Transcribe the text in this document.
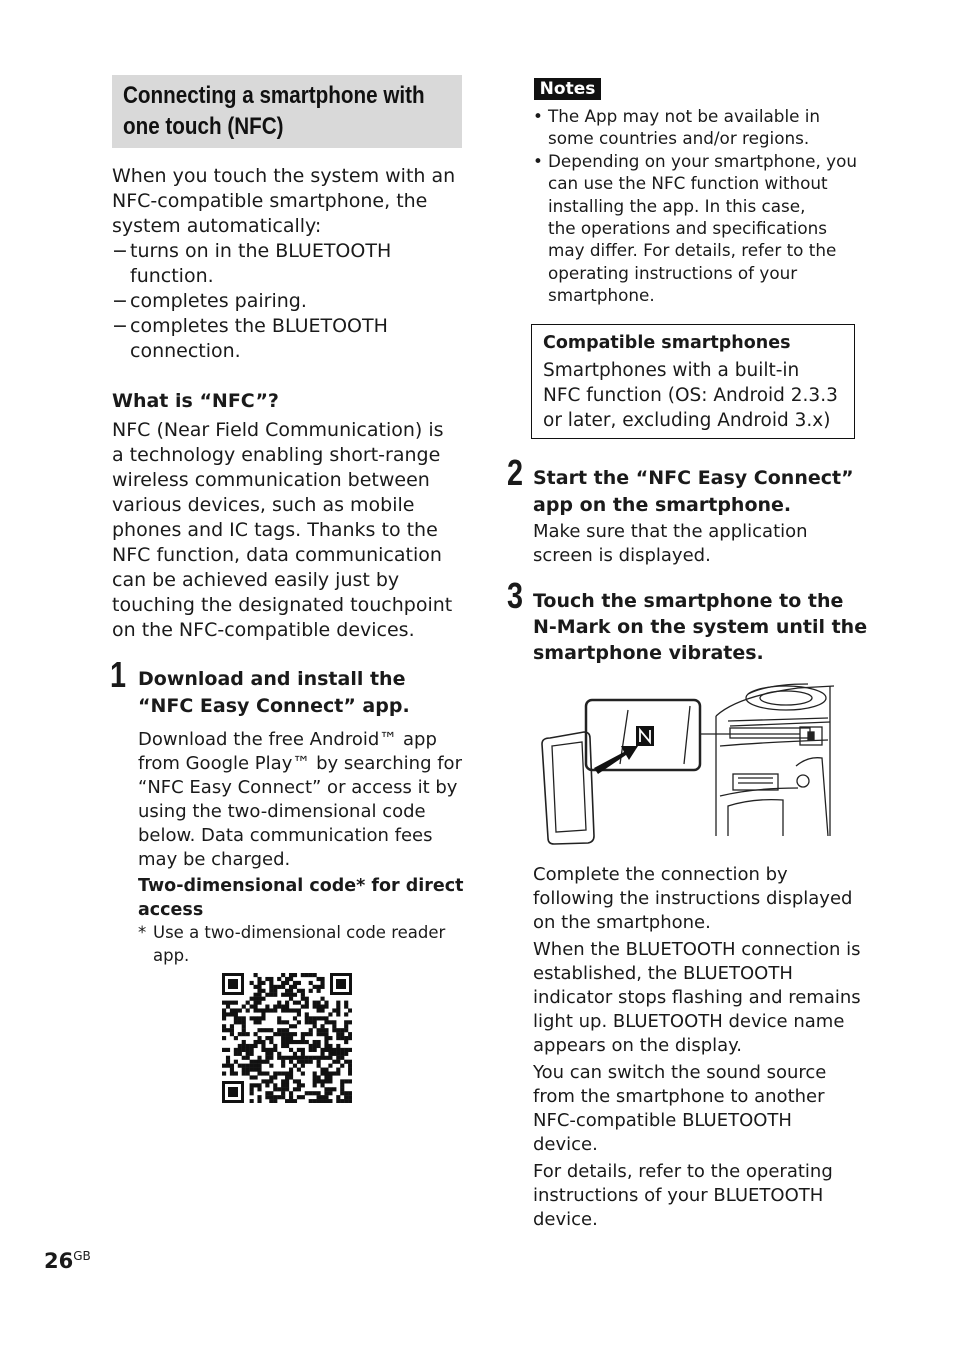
Connecting a smartphone with
one touch (NFC)
When you touch the system with an
NFC-compatible smartphone, the
system automatically:
− turns on in the BLUETOOTH
function.
− completes pairing.
− completes the BLUETOOTH
connection.
What is “NFC”?
NFC (Near Field Communication) is
a technology enabling short-range
wireless communication between
various devices, such as mobile
phones and IC tags. Thanks to the
NFC function, data communication
can be achieved easily just by
touching the designated touchpoint
on the NFC-compatible devices.
1 Download and install the
“NFC Easy Connect” app.
Download the free Android™ app
from Google Play™ by searching for
“NFC Easy Connect” or access it by
using the two-dimensional code
below. Data communication fees
may be charged.
Two-dimensional code* for direct
access
* Use a two-dimensional code reader
app.
Notes
• The App may not be available in
some countries and/or regions.
• Depending on your smartphone, you
can use the NFC function without
installing the app. In this case,
the operations and specifications
may differ. For details, refer to the
operating instructions of your
smartphone.
Compatible smartphones
Smartphones with a built-in
NFC function (OS: Android 2.3.3
or later, excluding Android 3.x)
2 Start the “NFC Easy Connect”
app on the smartphone.
Make sure that the application
screen is displayed.
3 Touch the smartphone to the
N-Mark on the system until the
smartphone vibrates.
Complete the connection by
following the instructions displayed
on the smartphone.
When the BLUETOOTH connection is
established, the BLUETOOTH
indicator stops flashing and remains
light up. BLUETOOTH device name
appears on the display.
You can switch the sound source
from the smartphone to another
NFC-compatible BLUETOOTH
device.
For details, refer to the operating
instructions of your BLUETOOTH
device.
$26^{GB}$
